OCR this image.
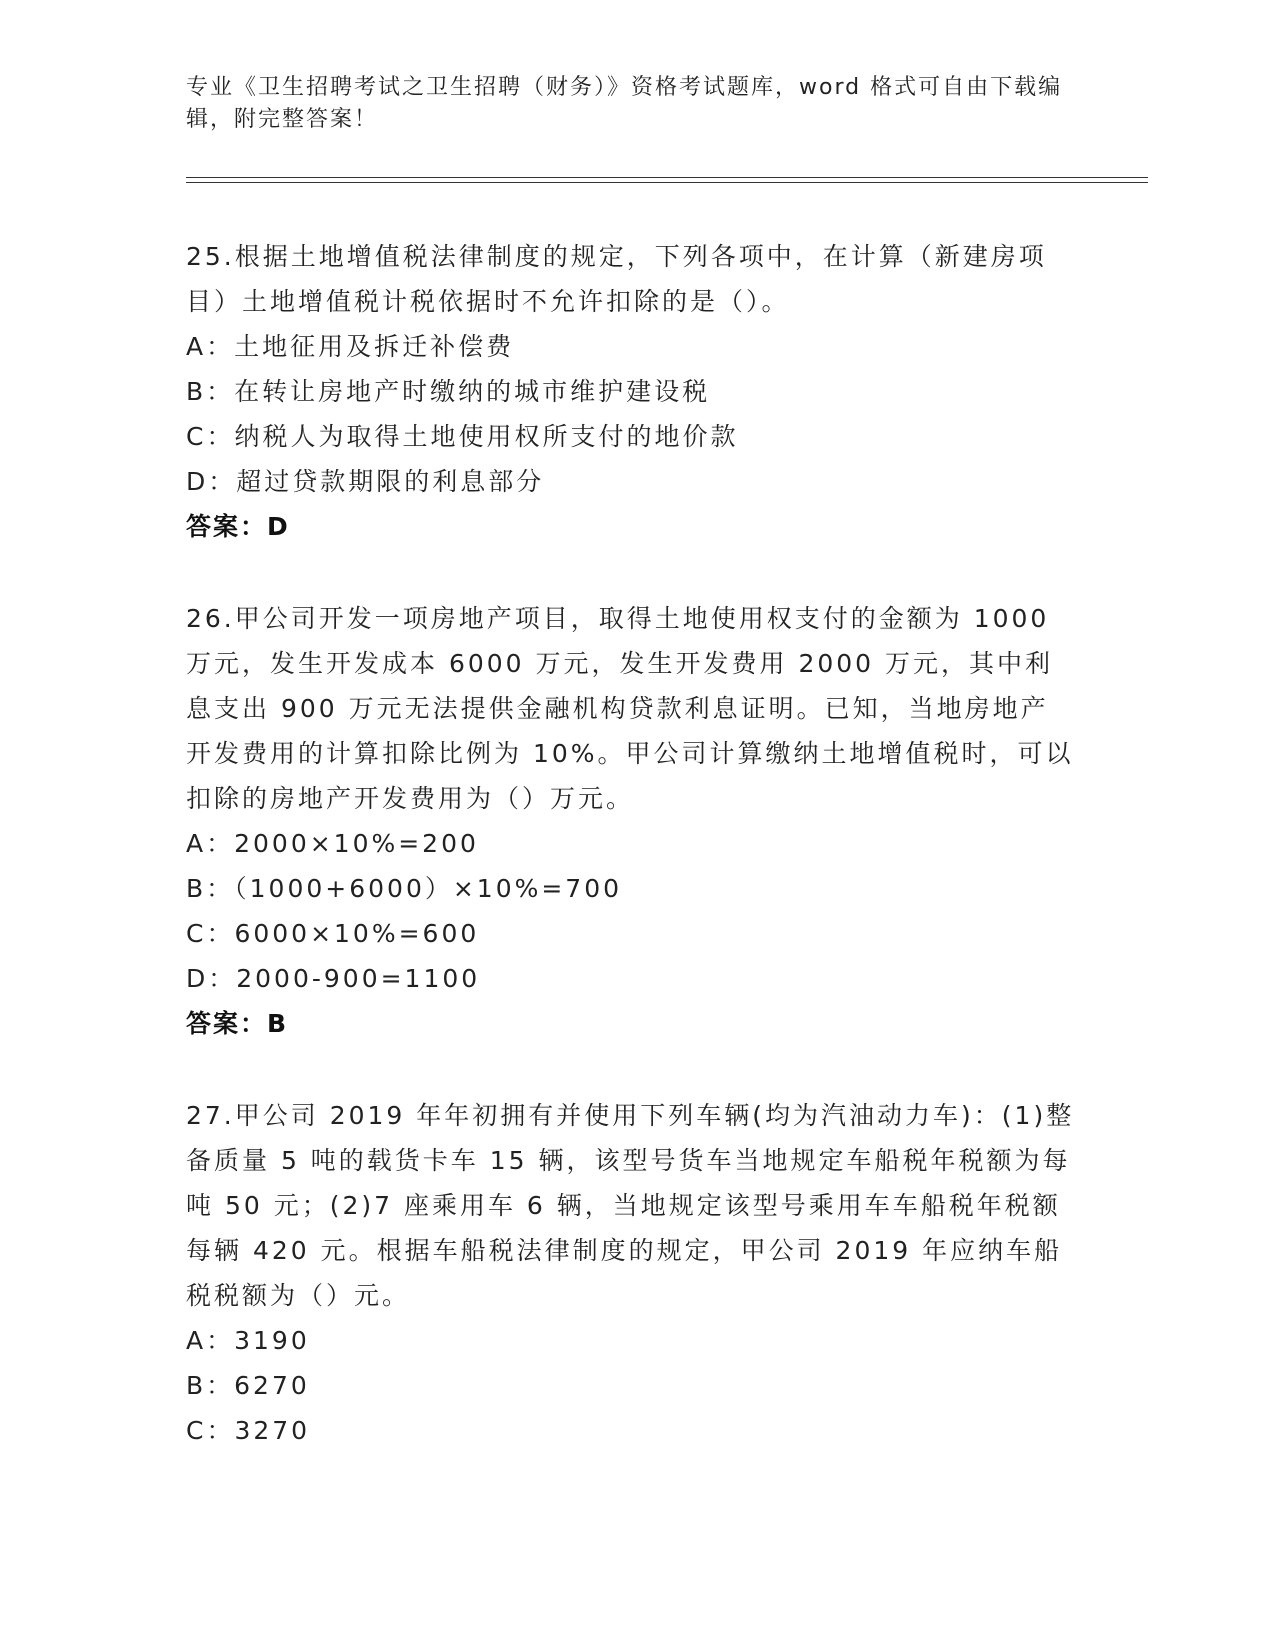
专业《卫生招聘考试之卫生招聘（财务）》资格考试题库，word 格式可自由下载编辑，附完整答案！

25.根据土地增值税法律制度的规定，下列各项中，在计算（新建房项目）土地增值税计税依据时不允许扣除的是（）。

A：土地征用及拆迁补偿费
B：在转让房地产时缴纳的城市维护建设税
C：纳税人为取得土地使用权所支付的地价款
D：超过贷款期限的利息部分

答案：D

26.甲公司开发一项房地产项目，取得土地使用权支付的金额为 1000 万元，发生开发成本 6000 万元，发生开发费用 2000 万元，其中利息支出 900 万元无法提供金融机构贷款利息证明。已知，当地房地产开发费用的计算扣除比例为 10%。甲公司计算缴纳土地增值税时，可以扣除的房地产开发费用为（）万元。

A：2000×10%=200
B：（1000+6000）×10%=700
C：6000×10%=600
D：2000-900=1100

答案：B

27.甲公司 2019 年年初拥有并使用下列车辆(均为汽油动力车)：(1)整备质量 5 吨的载货卡车 15 辆，该型号货车当地规定车船税年税额为每吨 50 元；(2)7 座乘用车 6 辆，当地规定该型号乘用车车船税年税额每辆 420 元。根据车船税法律制度的规定，甲公司 2019 年应纳车船税税额为（）元。

A：3190
B：6270
C：3270
